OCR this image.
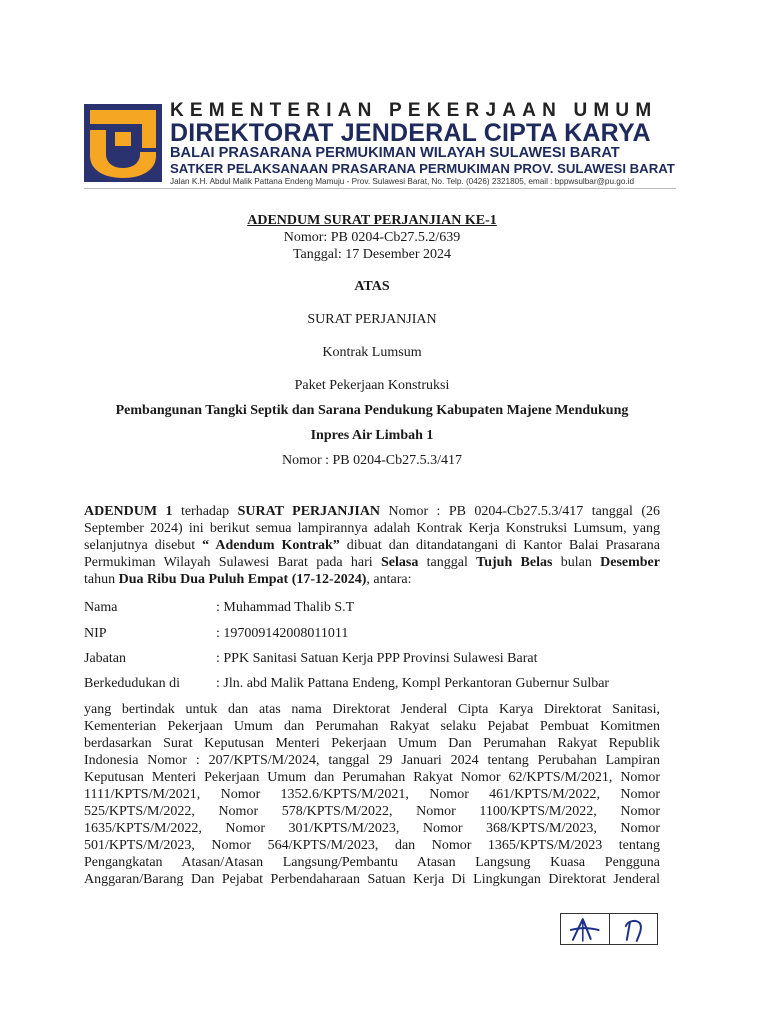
KEMENTERIAN PEKERJAAN UMUM
DIREKTORAT JENDERAL CIPTA KARYA
BALAI PRASARANA PERMUKIMAN WILAYAH SULAWESI BARAT
SATKER PELAKSANAAN PRASARANA PERMUKIMAN PROV. SULAWESI BARAT
Jalan K.H. Abdul Malik Pattana Endeng Mamuju - Prov. Sulawesi Barat, No. Telp. (0426) 2321805, email : bppwsulbar@pu.go.id
ADENDUM SURAT PERJANJIAN KE-1
Nomor: PB 0204-Cb27.5.2/639
Tanggal: 17 Desember 2024
ATAS
SURAT PERJANJIAN
Kontrak Lumsum
Paket Pekerjaan Konstruksi
Pembangunan Tangki Septik dan Sarana Pendukung Kabupaten Majene Mendukung
Inpres Air Limbah 1
Nomor : PB 0204-Cb27.5.3/417
ADENDUM 1 terhadap SURAT PERJANJIAN Nomor : PB 0204-Cb27.5.3/417 tanggal (26
September 2024) ini berikut semua lampirannya adalah Kontrak Kerja Konstruksi Lumsum, yang
selanjutnya disebut “ Adendum Kontrak” dibuat dan ditandatangani di Kantor Balai Prasarana
Permukiman Wilayah Sulawesi Barat pada hari Selasa tanggal Tujuh Belas bulan Desember
tahun Dua Ribu Dua Puluh Empat (17-12-2024), antara:
Nama	: Muhammad Thalib S.T
NIP	: 197009142008011011
Jabatan	: PPK Sanitasi Satuan Kerja PPP Provinsi Sulawesi Barat
Berkedudukan di	: Jln. abd Malik Pattana Endeng, Kompl Perkantoran Gubernur Sulbar
yang bertindak untuk dan atas nama Direktorat Jenderal Cipta Karya Direktorat Sanitasi,
Kementerian Pekerjaan Umum dan Perumahan Rakyat selaku Pejabat Pembuat Komitmen
berdasarkan Surat Keputusan Menteri Pekerjaan Umum Dan Perumahan Rakyat Republik
Indonesia Nomor : 207/KPTS/M/2024, tanggal 29 Januari 2024 tentang Perubahan Lampiran
Keputusan Menteri Pekerjaan Umum dan Perumahan Rakyat Nomor 62/KPTS/M/2021, Nomor
1111/KPTS/M/2021, Nomor 1352.6/KPTS/M/2021, Nomor 461/KPTS/M/2022, Nomor
525/KPTS/M/2022, Nomor 578/KPTS/M/2022, Nomor 1100/KPTS/M/2022, Nomor
1635/KPTS/M/2022, Nomor 301/KPTS/M/2023, Nomor 368/KPTS/M/2023, Nomor
501/KPTS/M/2023, Nomor 564/KPTS/M/2023, dan Nomor 1365/KPTS/M/2023 tentang
Pengangkatan Atasan/Atasan Langsung/Pembantu Atasan Langsung Kuasa Pengguna
Anggaran/Barang Dan Pejabat Perbendaharaan Satuan Kerja Di Lingkungan Direktorat Jenderal
